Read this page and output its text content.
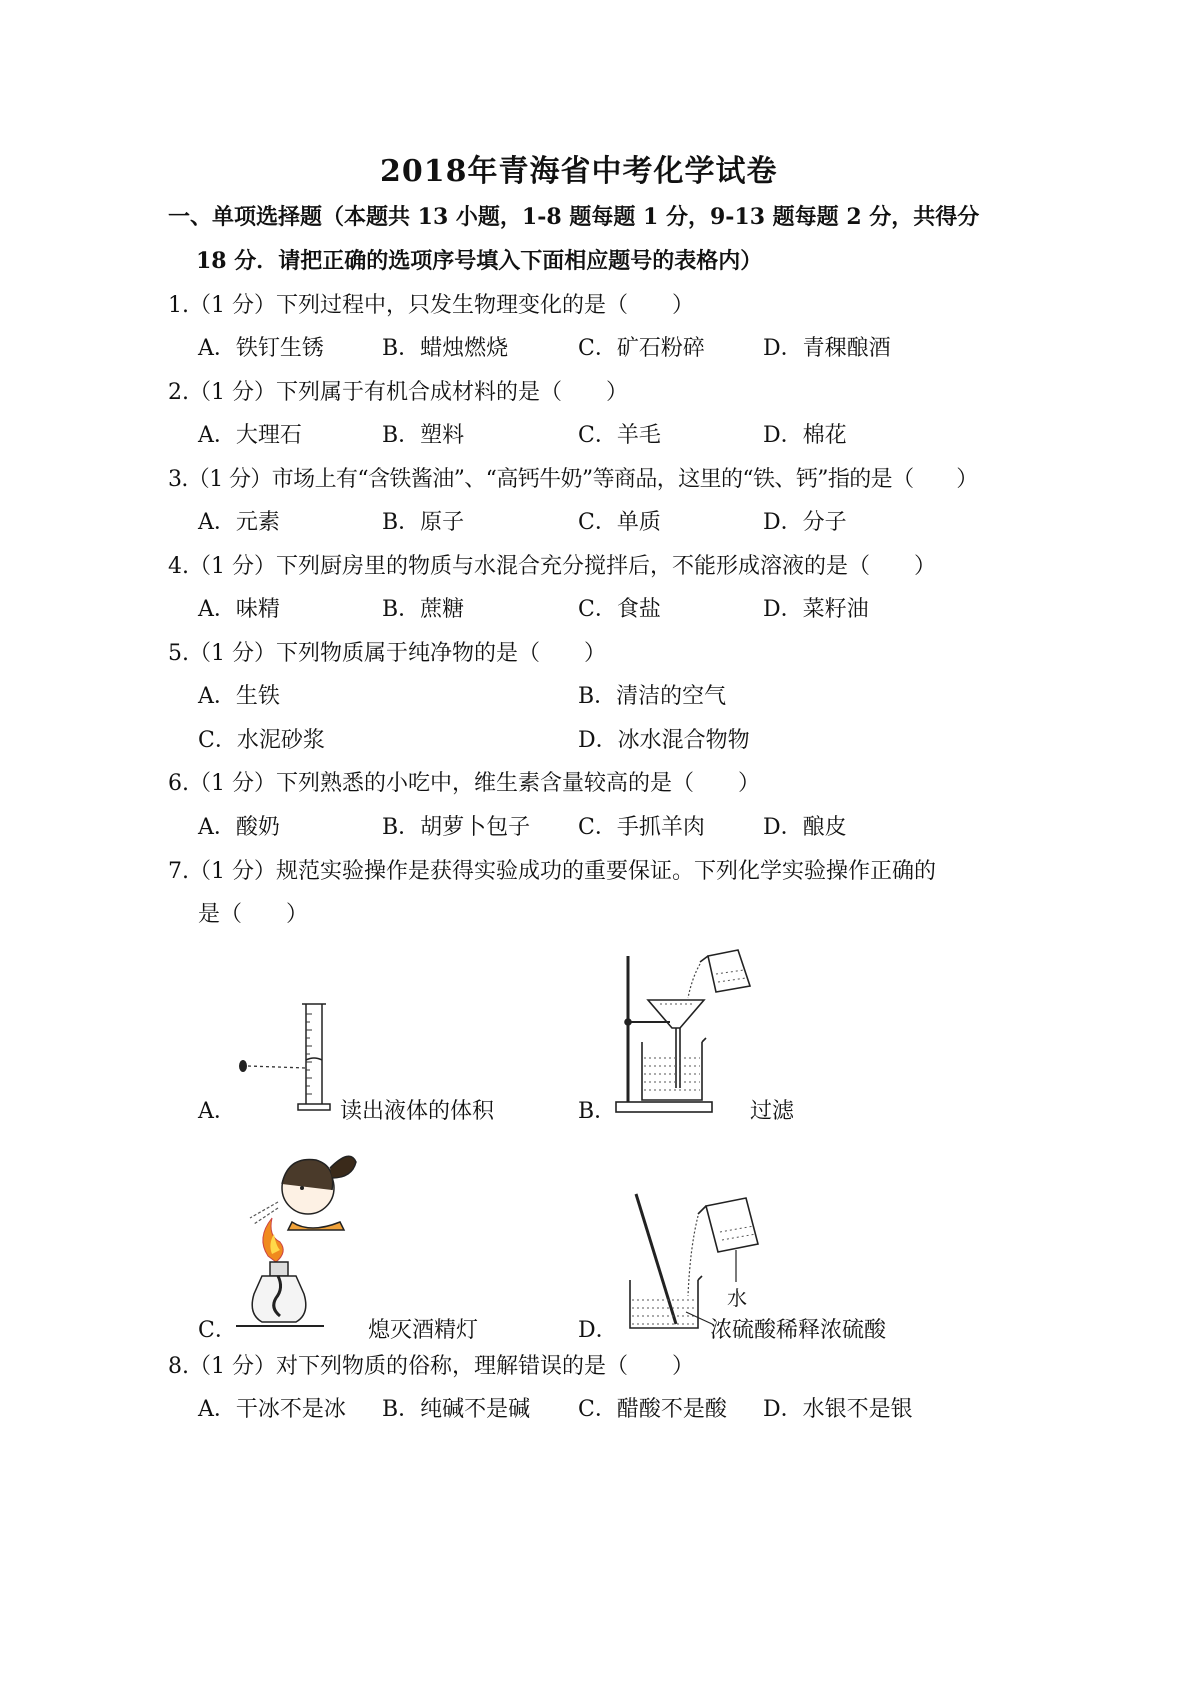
2018年青海省中考化学试卷
一、单项选择题（本题共 13 小题，1-8 题每题 1 分，9-13 题每题 2 分，共得分
18 分．请把正确的选项序号填入下面相应题号的表格内）
1.（1 分）下列过程中，只发生物理变化的是（　　）
A．铁钉生锈	B．蜡烛燃烧	C．矿石粉碎	D．青稞酿酒
2.（1 分）下列属于有机合成材料的是（　　）
A．大理石	B．塑料	C．羊毛	D．棉花
3.（1 分）市场上有“含铁酱油”、“高钙牛奶”等商品，这里的“铁、钙”指的是（　　）
A．元素	B．原子	C．单质	D．分子
4.（1 分）下列厨房里的物质与水混合充分搅拌后，不能形成溶液的是（　　）
A．味精	B．蔗糖	C．食盐	D．菜籽油
5.（1 分）下列物质属于纯净物的是（　　）
A．生铁	B．清洁的空气
C．水泥砂浆	D．冰水混合物物
6.（1 分）下列熟悉的小吃中，维生素含量较高的是（　　）
A．酸奶	B．胡萝卜包子 C．手抓羊肉	D．酿皮
7.（1 分）规范实验操作是获得实验成功的重要保证。下列化学实验操作正确的
是（　　）
A．	读出液体的体积	B．	过滤
C．	熄灭酒精灯	D．
水
浓硫酸 稀释浓硫酸
8.（1 分）对下列物质的俗称，理解错误的是（　　）
A．干冰不是冰 B．纯碱不是碱 C．醋酸不是酸 D．水银不是银
